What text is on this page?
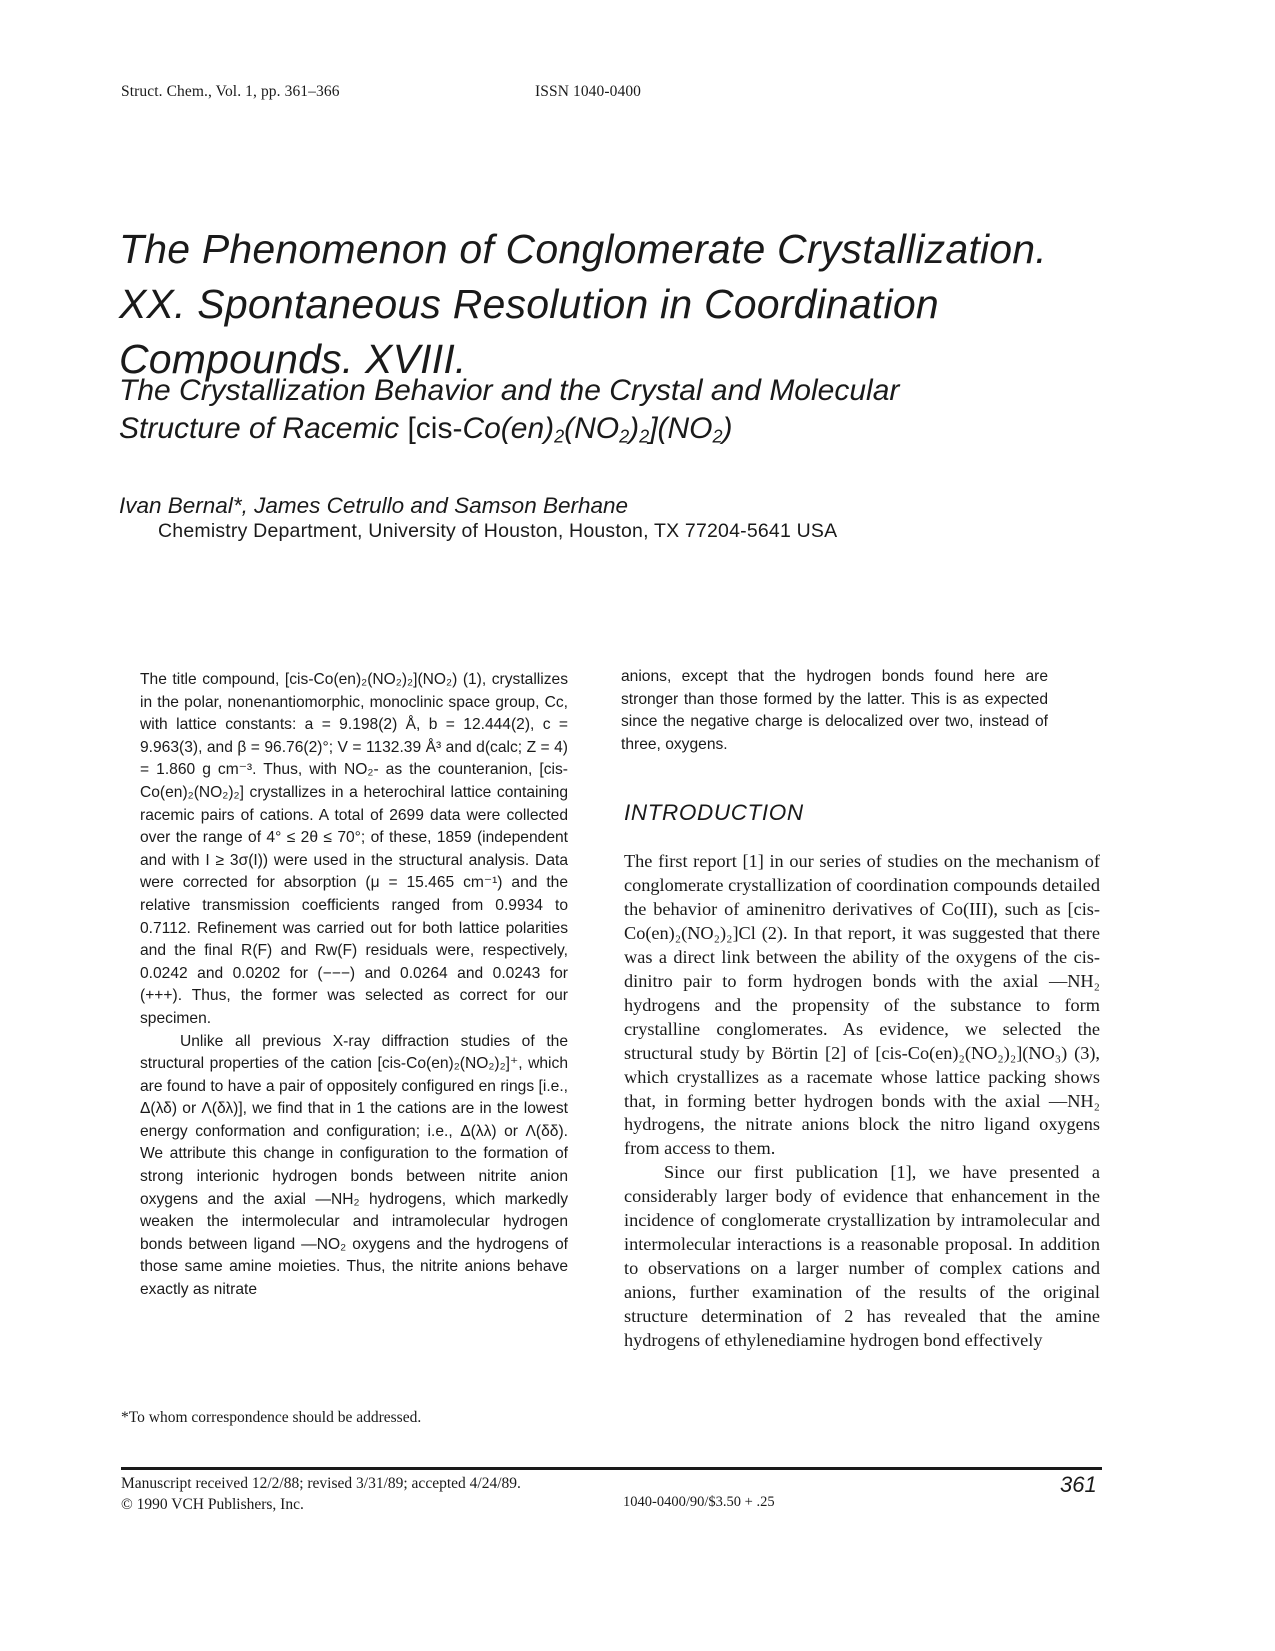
Struct. Chem., Vol. 1, pp. 361–366	ISSN 1040-0400
The Phenomenon of Conglomerate Crystallization.
XX. Spontaneous Resolution in Coordination
Compounds. XVIII.
The Crystallization Behavior and the Crystal and Molecular
Structure of Racemic $[cis-Co(en)_2(NO_2)_2](NO_2)$
Ivan Bernal*, James Cetrullo and Samson Berhane
Chemistry Department, University of Houston, Houston, TX 77204-5641 USA

The title compound, [cis-Co(en)₂(NO₂)₂](NO₂) (1), crystallizes in the polar, nonenantiomorphic, monoclinic space group, Cc, with lattice constants: a = 9.198(2) Å, b = 12.444(2), c = 9.963(3), and β = 96.76(2)°; V = 1132.39 Å³ and d(calc; Z = 4) = 1.860 g cm⁻³. Thus, with NO₂- as the counteranion, [cis-Co(en)₂(NO₂)₂] crystallizes in a heterochiral lattice containing racemic pairs of cations. A total of 2699 data were collected over the range of 4° ≤ 2θ ≤ 70°; of these, 1859 (independent and with I ≥ 3σ(I)) were used in the structural analysis. Data were corrected for absorption (μ = 15.465 cm⁻¹) and the relative transmission coefficients ranged from 0.9934 to 0.7112. Refinement was carried out for both lattice polarities and the final R(F) and Rw(F) residuals were, respectively, 0.0242 and 0.0202 for (−−−) and 0.0264 and 0.0243 for (+++). Thus, the former was selected as correct for our specimen.

Unlike all previous X-ray diffraction studies of the structural properties of the cation [cis-Co(en)₂(NO₂)₂]⁺, which are found to have a pair of oppositely configured en rings [i.e., Δ(λδ) or Λ(δλ)], we find that in 1 the cations are in the lowest energy conformation and configuration; i.e., Δ(λλ) or Λ(δδ). We attribute this change in configuration to the formation of strong interionic hydrogen bonds between nitrite anion oxygens and the axial —NH₂ hydrogens, which markedly weaken the intermolecular and intramolecular hydrogen bonds between ligand —NO₂ oxygens and the hydrogens of those same amine moieties. Thus, the nitrite anions behave exactly as nitrate

anions, except that the hydrogen bonds found here are stronger than those formed by the latter. This is as expected since the negative charge is delocalized over two, instead of three, oxygens.

INTRODUCTION

The first report [1] in our series of studies on the mechanism of conglomerate crystallization of coordination compounds detailed the behavior of aminenitro derivatives of Co(III), such as [cis-Co(en)₂(NO₂)₂]Cl (2). In that report, it was suggested that there was a direct link between the ability of the oxygens of the cis-dinitro pair to form hydrogen bonds with the axial —NH₂ hydrogens and the propensity of the substance to form crystalline conglomerates. As evidence, we selected the structural study by Börtin [2] of [cis-Co(en)₂(NO₂)₂](NO₃) (3), which crystallizes as a racemate whose lattice packing shows that, in forming better hydrogen bonds with the axial —NH₂ hydrogens, the nitrate anions block the nitro ligand oxygens from access to them.

Since our first publication [1], we have presented a considerably larger body of evidence that enhancement in the incidence of conglomerate crystallization by intramolecular and intermolecular interactions is a reasonable proposal. In addition to observations on a larger number of complex cations and anions, further examination of the results of the original structure determination of 2 has revealed that the amine hydrogens of ethylenediamine hydrogen bond effectively

*To whom correspondence should be addressed.
Manuscript received 12/2/88; revised 3/31/89; accepted 4/24/89.
© 1990 VCH Publishers, Inc.	1040-0400/90/$3.50 + .25
361
